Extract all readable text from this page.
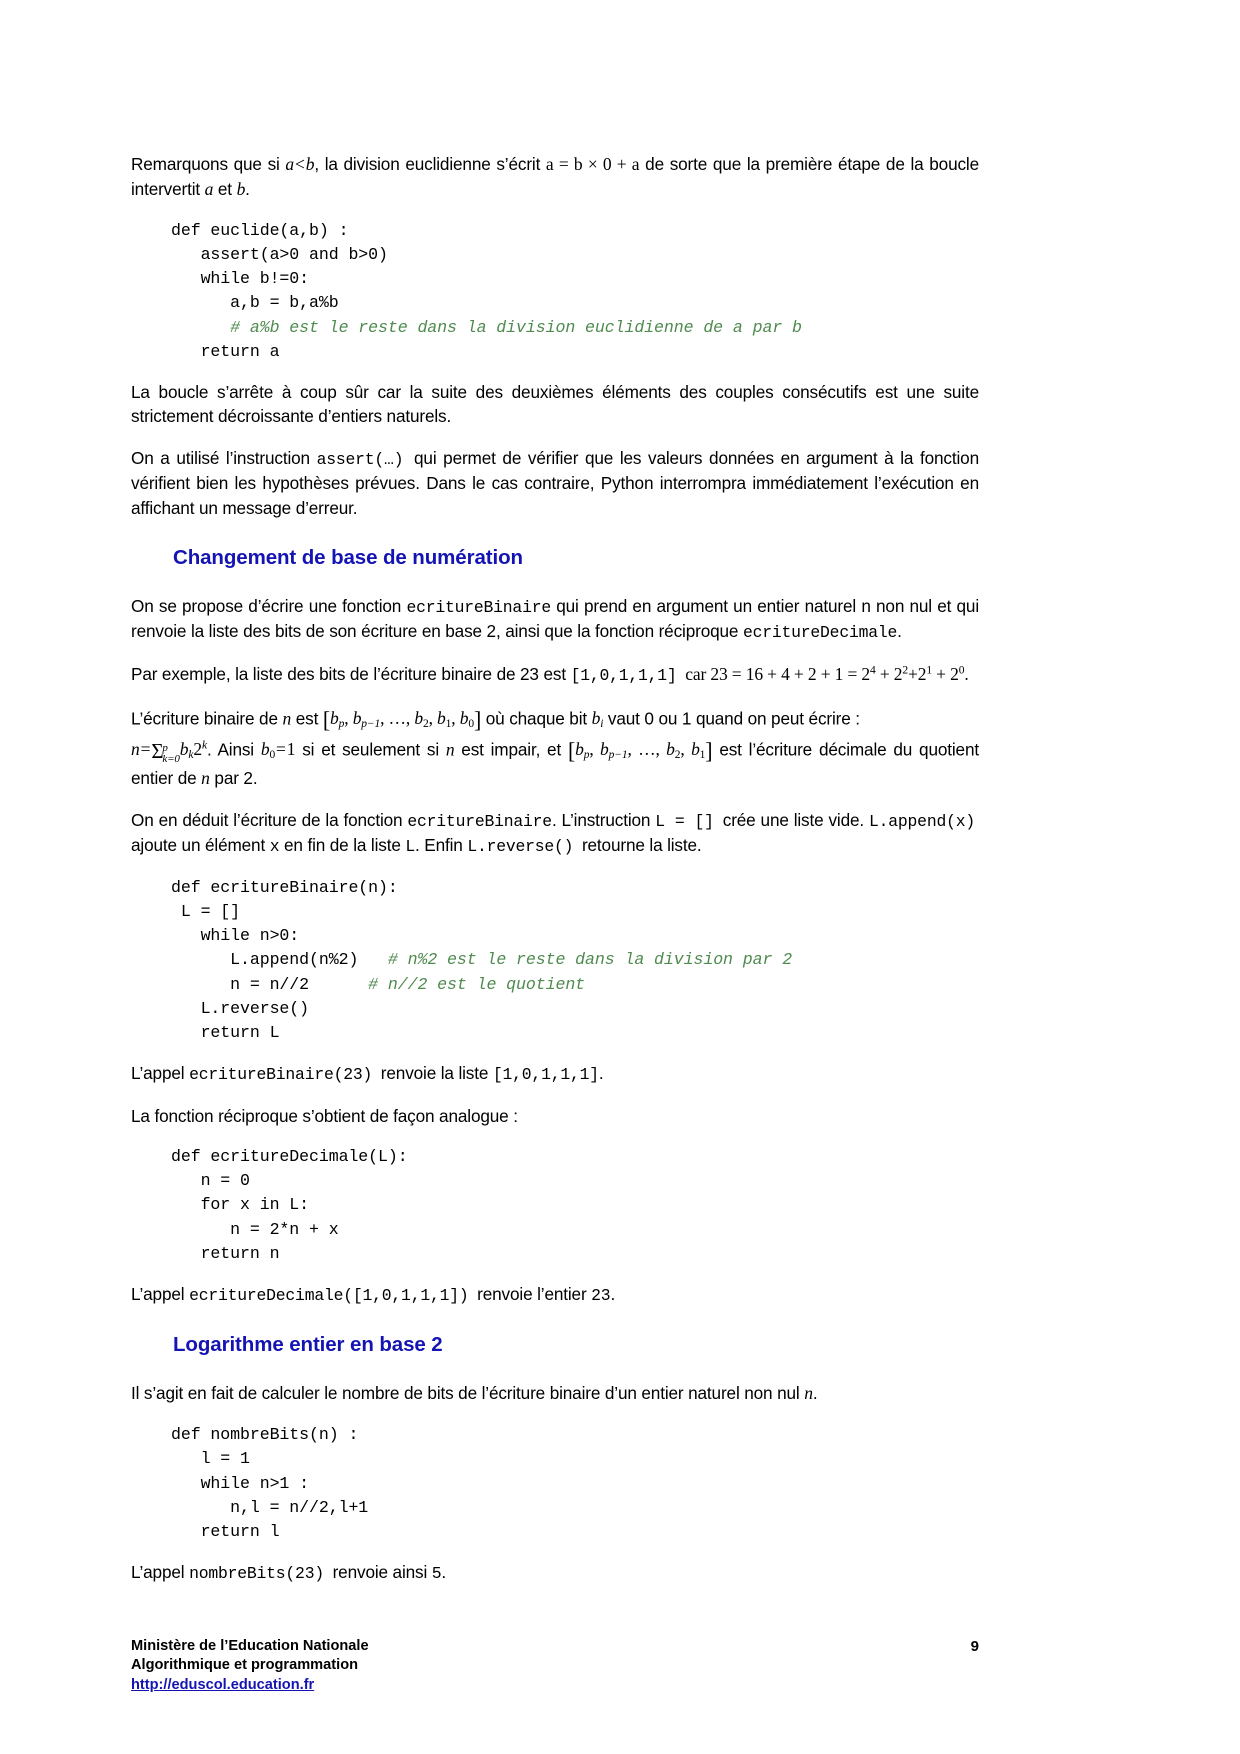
Remarquons que si a<b, la division euclidienne s’écrit a = b × 0 + a de sorte que la première étape de la boucle intervertit a et b.

def euclide(a,b) :
assert(a>0 and b>0)
while b!=0:
a,b = b,a%b
# a%b est le reste dans la division euclidienne de a par b
return a

La boucle s’arrête à coup sûr car la suite des deuxièmes éléments des couples consécutifs est une suite strictement décroissante d’entiers naturels.

On a utilisé l’instruction assert(…) qui permet de vérifier que les valeurs données en argument à la fonction vérifient bien les hypothèses prévues. Dans le cas contraire, Python interrompra immédiatement l’exécution en affichant un message d’erreur.

Changement de base de numération

On se propose d’écrire une fonction ecritureBinaire qui prend en argument un entier naturel n non nul et qui renvoie la liste des bits de son écriture en base 2, ainsi que la fonction réciproque ecritureDecimale.

Par exemple, la liste des bits de l’écriture binaire de 23 est [1,0,1,1,1] car $23 = 16 + 4 + 2 + 1 = 2^4 + 2^2+2^1 + 2^0$.

L’écriture binaire de n est [$b_p$, $b_{p-1}$, …, $b_2$, $b_1$, $b_0$] où chaque bit $b_i$ vaut 0 ou 1 quand on peut écrire :
n=Σ p
k=0 $b_k2^k$. Ainsi $b_0=1$ si et seulement si n est impair, et [$b_p$, $b_{p-1}$, …, $b_2$, $b_1$] est l’écriture décimale du quotient entier de n par 2.

On en déduit l’écriture de la fonction ecritureBinaire. L’instruction L = [] crée une liste vide. L.append(x) ajoute un élément x en fin de la liste L. Enfin L.reverse() retourne la liste.

def ecritureBinaire(n):
L = []
while n>0:
L.append(n%2)   # n%2 est le reste dans la division par 2
n = n//2      # n//2 est le quotient
L.reverse()
return L

L’appel ecritureBinaire(23) renvoie la liste [1,0,1,1,1].

La fonction réciproque s’obtient de façon analogue :

def ecritureDecimale(L):
n = 0
for x in L:
n = 2*n + x
return n

L’appel ecritureDecimale([1,0,1,1,1]) renvoie l’entier 23.

Logarithme entier en base 2

Il s’agit en fait de calculer le nombre de bits de l’écriture binaire d’un entier naturel non nul n.

def nombreBits(n) :
l = 1
while n>1 :
n,l = n//2,l+1
return l

L’appel nombreBits(23) renvoie ainsi 5.

9
Ministère de l’Education Nationale
Algorithmique et programmation
http://eduscol.education.fr
